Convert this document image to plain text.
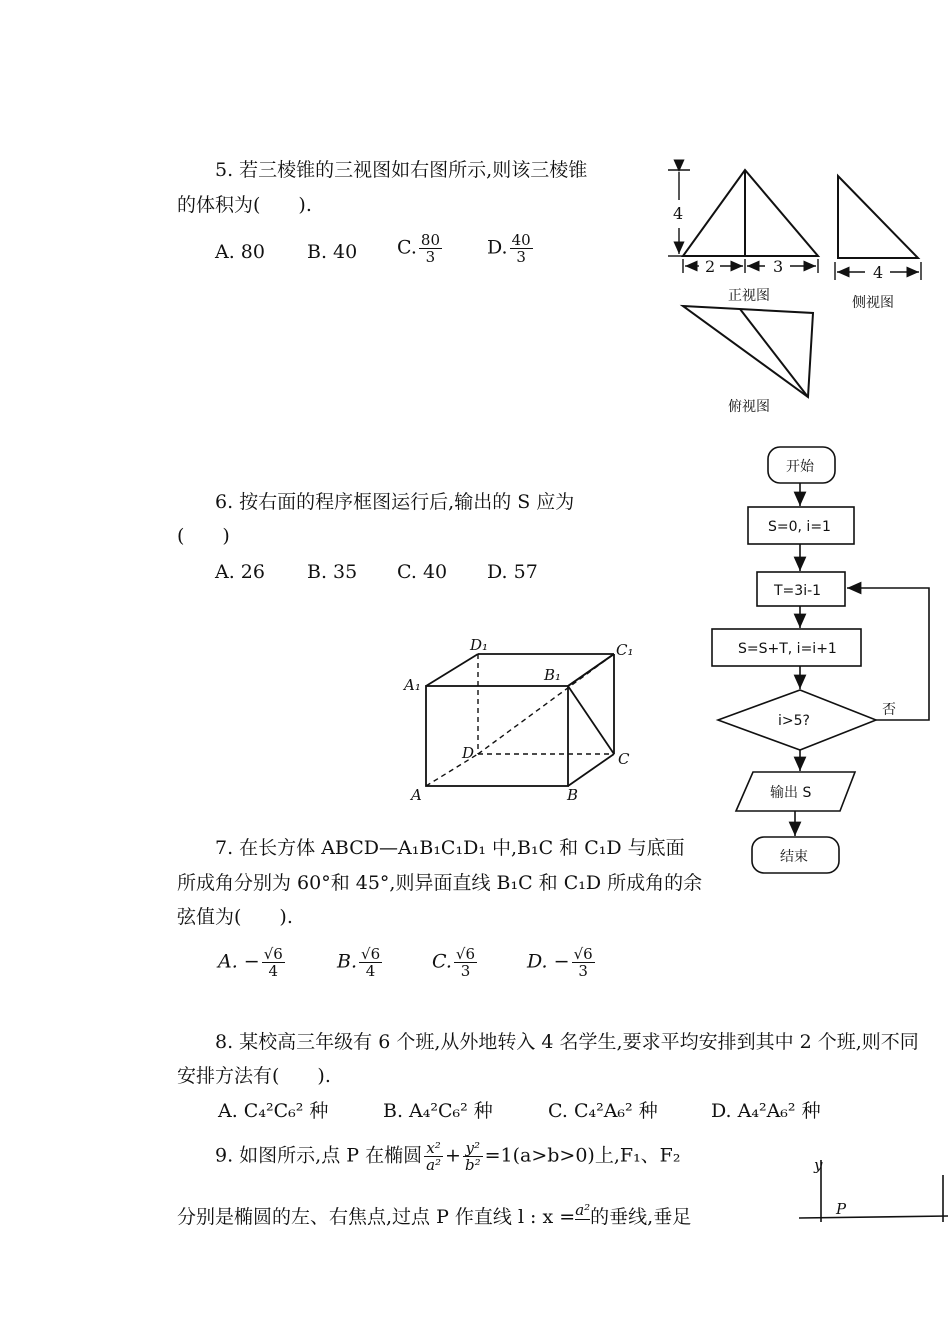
5. 若三棱锥的三视图如右图所示,则该三棱锥
的体积为(　　).
A. 80 B. 40 C. $\frac{80}{3} D$. $\frac{40}{3}$
6. 按右面的程序框图运行后,输出的 S 应为
(　　)
A. 26 B. 35 C. 40 D. 57
7. 在长方体 ABCD—A₁B₁C₁D₁ 中,B₁C 和 C₁D 与底面
所成角分别为 60°和 45°,则异面直线 B₁C 和 C₁D 所成角的余
弦值为(　　).
A. − $\frac{√6}{4}$	B. $\frac{√6}{4}$	C. $\frac{√6}{3}$	D. − $\frac{√6}{3}$
8. 某校高三年级有 6 个班,从外地转入 4 名学生,要求平均安排到其中 2 个班,则不同
安排方法有(　　).
A. C₄²C₆² 种	B. A₄²C₆² 种	C. C₄²A₆² 种	D. A₄²A₆² 种
9. 如图所示,点 P 在椭圆 $\frac{\text{x²}}{\text{a²}} + \frac{\text{y²}}{\text{b²}} =1(a>b>0)$上,F₁、F₂
分别是椭圆的左、右焦点,过点 P 作直线 l : x =$^{a^2}$的垂线,垂足
4
2	3
正视图
4
侧视图
俯视图
开始
S=0, i=1
T=3i-1
S=S+T, i=i+1
i>5?
否
输出 S
结束
A₁
D₁
B₁
C₁
D	C
A	B
y
P
